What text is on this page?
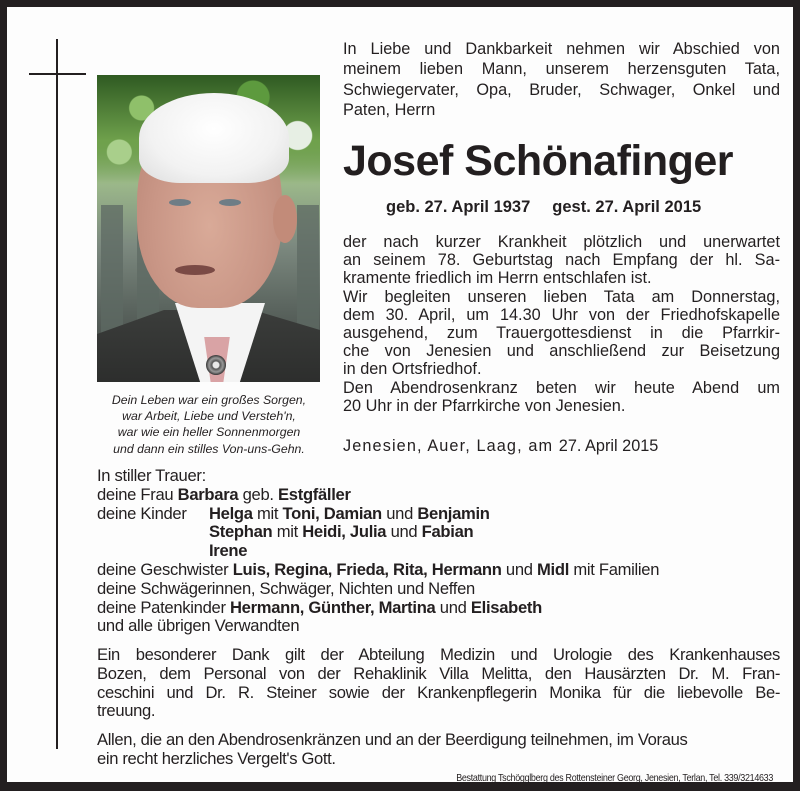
Dein Leben war ein großes Sorgen,
war Arbeit, Liebe und Versteh'n,
war wie ein heller Sonnenmorgen
und dann ein stilles Von-uns-Gehn.
In Liebe und Dankbarkeit nehmen wir Abschied von
meinem lieben Mann, unserem herzensguten Tata,
Schwiegervater, Opa, Bruder, Schwager, Onkel und
Paten, Herrn
Josef Schönafinger
geb. 27. April 1937 gest. 27. April 2015
der nach kurzer Krankheit plötzlich und unerwartet
an seinem 78. Geburtstag nach Empfang der hl. Sa-
kramente friedlich im Herrn entschlafen ist.
Wir begleiten unseren lieben Tata am Donnerstag,
dem 30. April, um 14.30 Uhr von der Friedhofskapelle
ausgehend, zum Trauergottesdienst in die Pfarrkir-
che von Jenesien und anschließend zur Beisetzung
in den Ortsfriedhof.
Den Abendrosenkranz beten wir heute Abend um
20 Uhr in der Pfarrkirche von Jenesien.
Jenesien, Auer, Laag, am 27. April 2015
In stiller Trauer:
deine Frau
Barbara
geb.
Estgfäller
deine Kinder	Helga
mit
Toni, Damian
und
Benjamin
Stephan
mit
Heidi, Julia
und
Fabian
Irene
deine Geschwister
Luis, Regina, Frieda, Rita, Hermann
und
Midl
mit Familien
deine Schwägerinnen, Schwäger, Nichten und Neffen
deine Patenkinder
Hermann, Günther, Martina
und
Elisabeth
und alle übrigen Verwandten
Ein besonderer Dank gilt der Abteilung Medizin und Urologie des Krankenhauses
Bozen, dem Personal von der Rehaklinik Villa Melitta, den Hausärzten Dr. M. Fran-
ceschini und Dr. R. Steiner sowie der Krankenpflegerin Monika für die liebevolle Be-
treuung.
Allen, die an den Abendrosenkränzen und an der Beerdigung teilnehmen, im Voraus
ein recht herzliches Vergelt's Gott.
Bestattung Tschögglberg des Rottensteiner Georg, Jenesien, Terlan, Tel. 339/3214633
